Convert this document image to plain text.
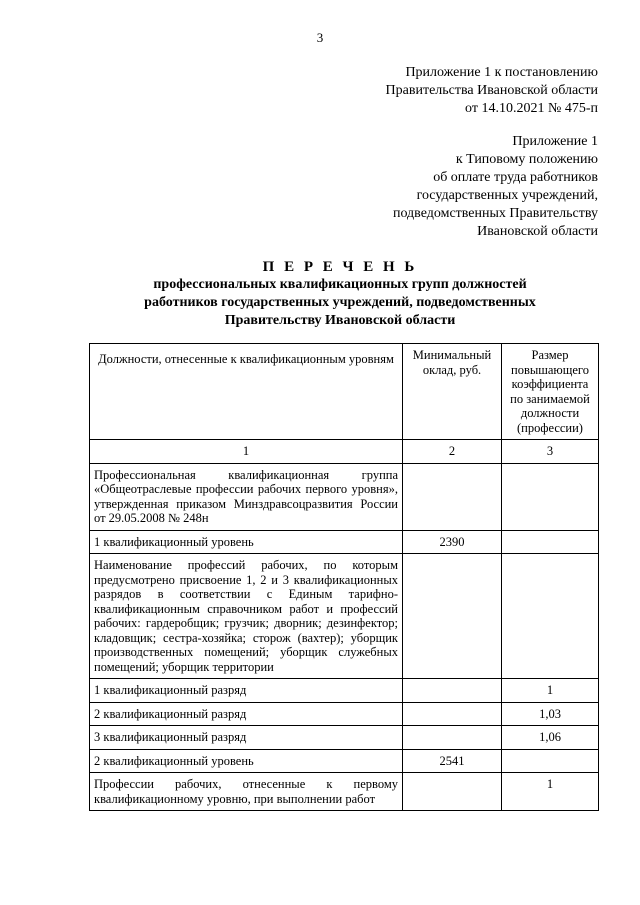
3
Приложение 1 к постановлению
Правительства Ивановской области
от 14.10.2021 № 475-п
Приложение 1
к Типовому положению
об оплате труда работников
государственных учреждений,
подведомственных Правительству
Ивановской области
П Е Р Е Ч Е Н Ь
профессиональных квалификационных групп должностей
работников государственных учреждений, подведомственных
Правительству Ивановской области
Должности, отнесенные к квалификационным уровням	Минимальный оклад, руб.	Размер повышающего коэффициента по занимаемой должности (профессии)
1	2	3
Профессиональная квалификационная группа «Общеотраслевые профессии рабочих первого уровня», утвержденная приказом Минздравсоцразвития России от 29.05.2008 № 248н		
1 квалификационный уровень	2390	
Наименование профессий рабочих, по которым предусмотрено присвоение 1, 2 и 3 квалификационных разрядов в соответствии с Единым тарифно-квалификационным справочником работ и профессий рабочих: гардеробщик; грузчик; дворник; дезинфектор; кладовщик; сестра-хозяйка; сторож (вахтер); уборщик производственных помещений; уборщик служебных помещений; уборщик территории		
1 квалификационный разряд		1
2 квалификационный разряд		1,03
3 квалификационный разряд		1,06
2 квалификационный уровень	2541	
Профессии рабочих, отнесенные к первому квалификационному уровню, при выполнении работ		1
